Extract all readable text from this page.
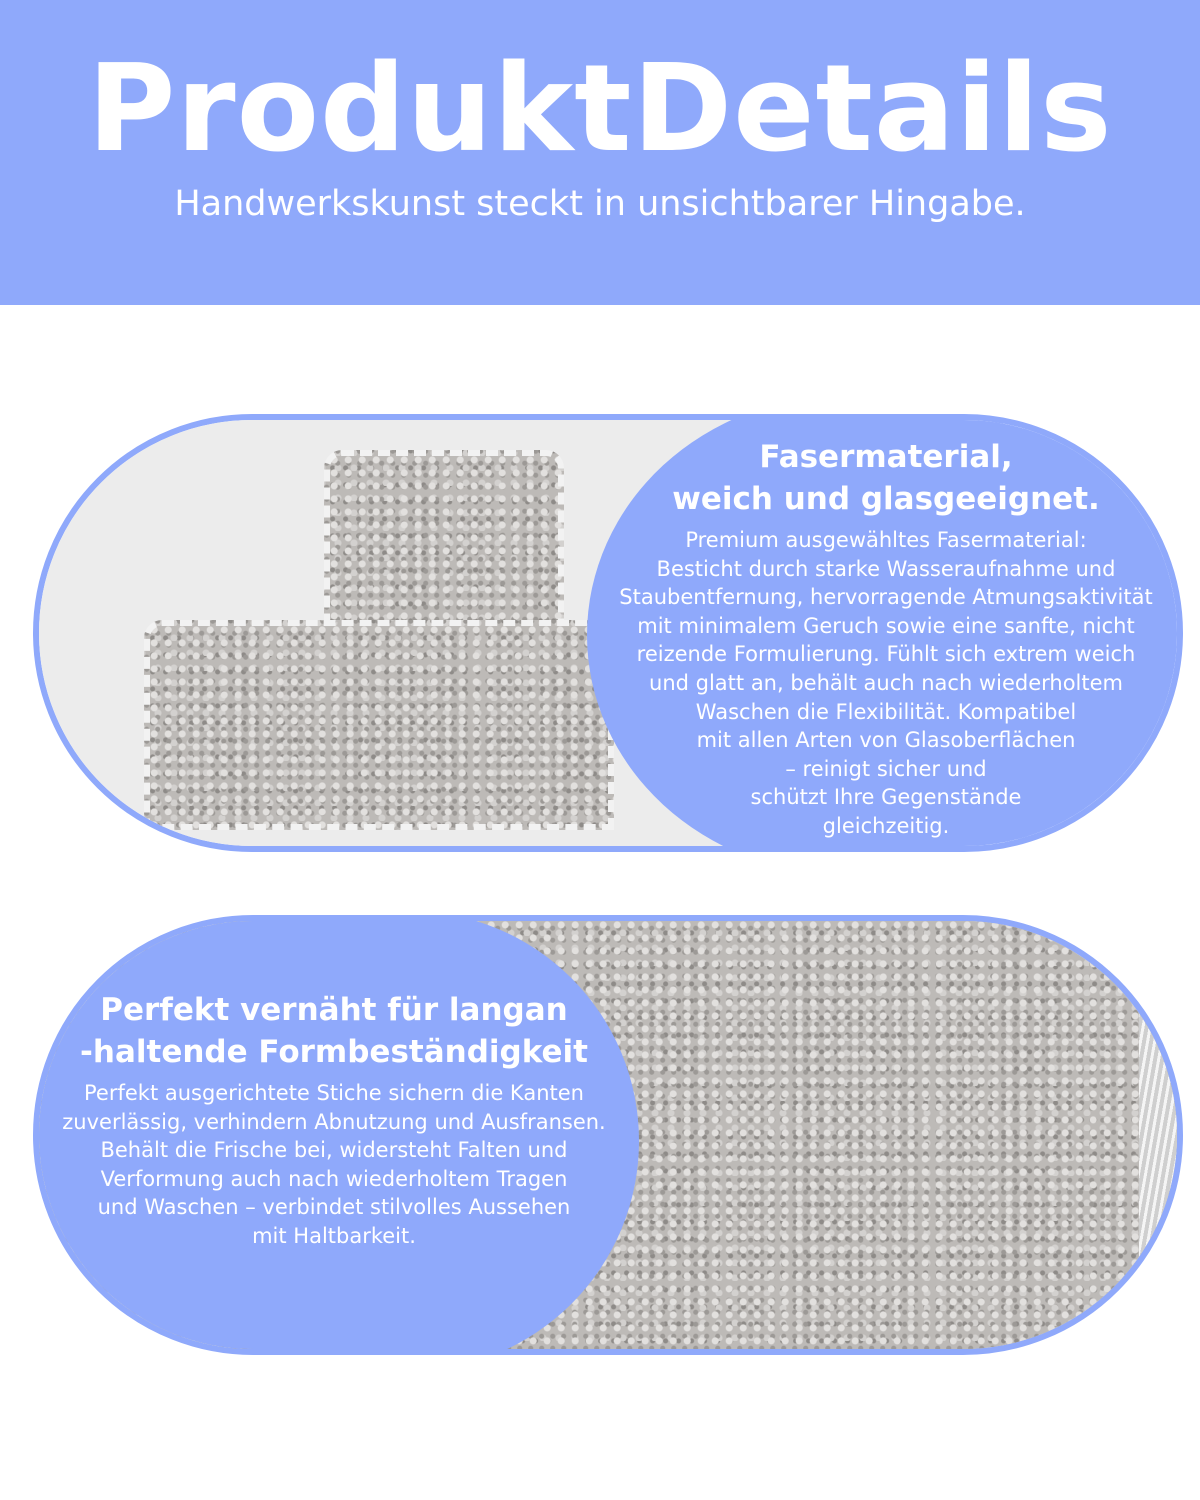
ProduktDetails
Handwerkskunst steckt in unsichtbarer Hingabe.
Fasermaterial,
weich und glasgeeignet.
Premium ausgewähltes Fasermaterial:
Besticht durch starke Wasseraufnahme und
Staubentfernung, hervorragende Atmungsaktivität
mit minimalem Geruch sowie eine sanfte, nicht
reizende Formulierung. Fühlt sich extrem weich
und glatt an, behält auch nach wiederholtem
Waschen die Flexibilität. Kompatibel
mit allen Arten von Glasoberflächen
– reinigt sicher und
schützt Ihre Gegenstände
gleichzeitig.
Perfekt vernäht für langan
-haltende Formbeständigkeit
Perfekt ausgerichtete Stiche sichern die Kanten
zuverlässig, verhindern Abnutzung und Ausfransen.
Behält die Frische bei, widersteht Falten und
Verformung auch nach wiederholtem Tragen
und Waschen – verbindet stilvolles Aussehen
mit Haltbarkeit.
